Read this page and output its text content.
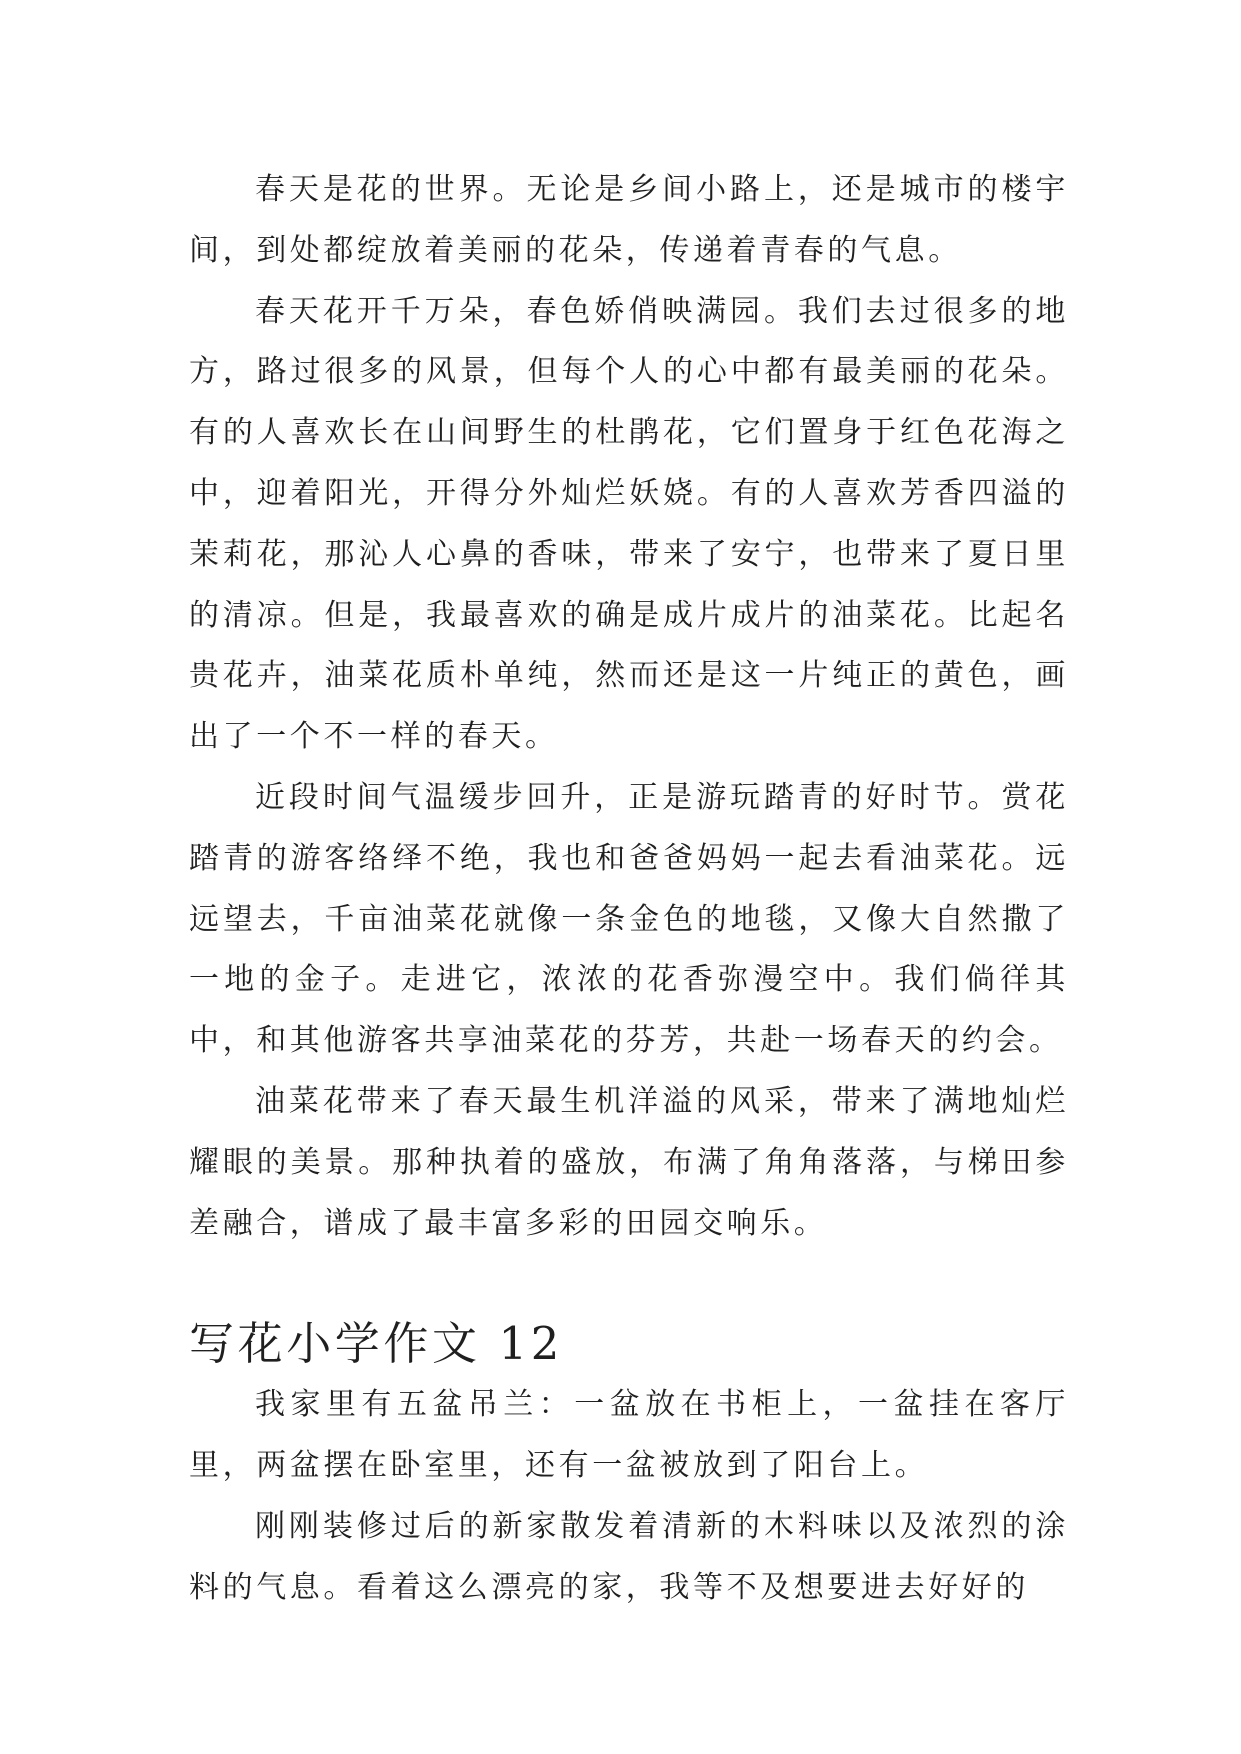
春天是花的世界。无论是乡间小路上，还是城市的楼宇间，到处都绽放着美丽的花朵，传递着青春的气息。

春天花开千万朵，春色娇俏映满园。我们去过很多的地方，路过很多的风景，但每个人的心中都有最美丽的花朵。有的人喜欢长在山间野生的杜鹃花，它们置身于红色花海之中，迎着阳光，开得分外灿烂妖娆。有的人喜欢芳香四溢的茉莉花，那沁人心鼻的香味，带来了安宁，也带来了夏日里的清凉。但是，我最喜欢的确是成片成片的油菜花。比起名贵花卉，油菜花质朴单纯，然而还是这一片纯正的黄色，画出了一个不一样的春天。

近段时间气温缓步回升，正是游玩踏青的好时节。赏花踏青的游客络绎不绝，我也和爸爸妈妈一起去看油菜花。远远望去，千亩油菜花就像一条金色的地毯，又像大自然撒了一地的金子。走进它，浓浓的花香弥漫空中。我们倘徉其中，和其他游客共享油菜花的芬芳，共赴一场春天的约会。

油菜花带来了春天最生机洋溢的风采，带来了满地灿烂耀眼的美景。那种执着的盛放，布满了角角落落，与梯田参差融合，谱成了最丰富多彩的田园交响乐。

写花小学作文 12

我家里有五盆吊兰：一盆放在书柜上，一盆挂在客厅里，两盆摆在卧室里，还有一盆被放到了阳台上。

刚刚装修过后的新家散发着清新的木料味以及浓烈的涂料的气息。看着这么漂亮的家，我等不及想要进去好好的
